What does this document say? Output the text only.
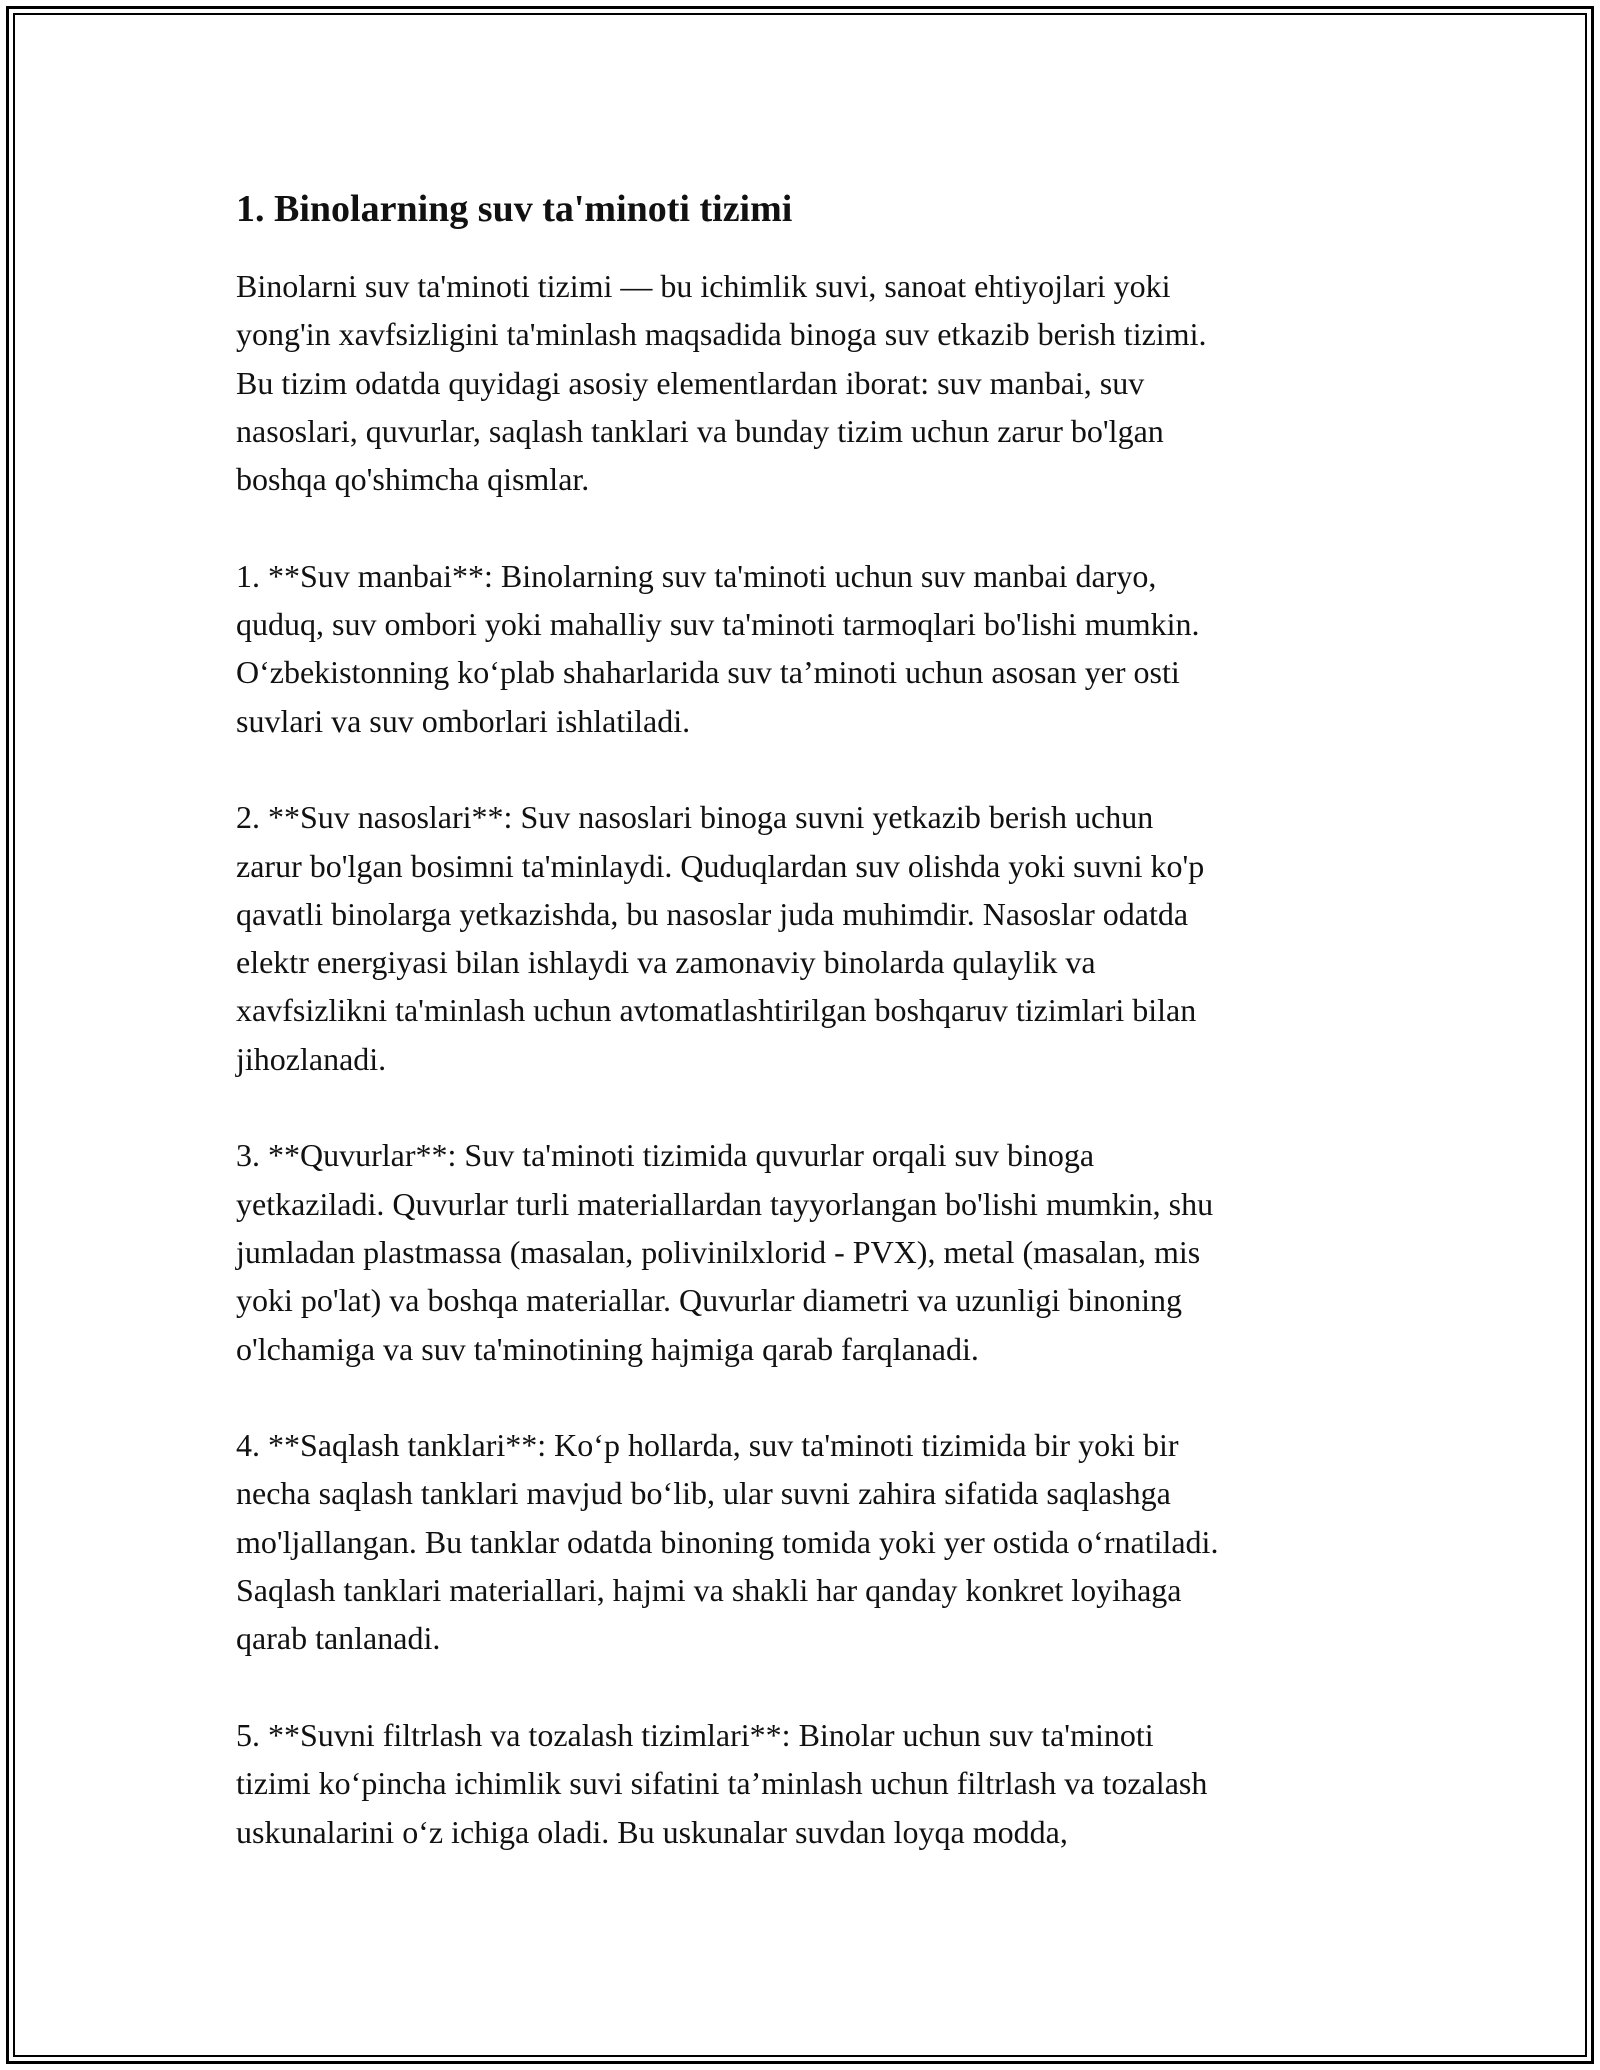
1. Binolarning suv ta'minoti tizimi
Binolarni suv ta'minoti tizimi — bu ichimlik suvi, sanoat ehtiyojlari yoki
yong'in xavfsizligini ta'minlash maqsadida binoga suv etkazib berish tizimi.
Bu tizim odatda quyidagi asosiy elementlardan iborat: suv manbai, suv
nasoslari, quvurlar, saqlash tanklari va bunday tizim uchun zarur bo'lgan
boshqa qo'shimcha qismlar.
1. **Suv manbai**: Binolarning suv ta'minoti uchun suv manbai daryo,
quduq, suv ombori yoki mahalliy suv ta'minoti tarmoqlari bo'lishi mumkin.
O‘zbekistonning ko‘plab shaharlarida suv ta’minoti uchun asosan yer osti
suvlari va suv omborlari ishlatiladi.
2. **Suv nasoslari**: Suv nasoslari binoga suvni yetkazib berish uchun
zarur bo'lgan bosimni ta'minlaydi. Quduqlardan suv olishda yoki suvni ko'p
qavatli binolarga yetkazishda, bu nasoslar juda muhimdir. Nasoslar odatda
elektr energiyasi bilan ishlaydi va zamonaviy binolarda qulaylik va
xavfsizlikni ta'minlash uchun avtomatlashtirilgan boshqaruv tizimlari bilan
jihozlanadi.
3. **Quvurlar**: Suv ta'minoti tizimida quvurlar orqali suv binoga
yetkaziladi. Quvurlar turli materiallardan tayyorlangan bo'lishi mumkin, shu
jumladan plastmassa (masalan, polivinilxlorid - PVX), metal (masalan, mis
yoki po'lat) va boshqa materiallar. Quvurlar diametri va uzunligi binoning
o'lchamiga va suv ta'minotining hajmiga qarab farqlanadi.
4. **Saqlash tanklari**: Ko‘p hollarda, suv ta'minoti tizimida bir yoki bir
necha saqlash tanklari mavjud bo‘lib, ular suvni zahira sifatida saqlashga
mo'ljallangan. Bu tanklar odatda binoning tomida yoki yer ostida o‘rnatiladi.
Saqlash tanklari materiallari, hajmi va shakli har qanday konkret loyihaga
qarab tanlanadi.
5. **Suvni filtrlash va tozalash tizimlari**: Binolar uchun suv ta'minoti
tizimi ko‘pincha ichimlik suvi sifatini ta’minlash uchun filtrlash va tozalash
uskunalarini o‘z ichiga oladi. Bu uskunalar suvdan loyqa modda,
